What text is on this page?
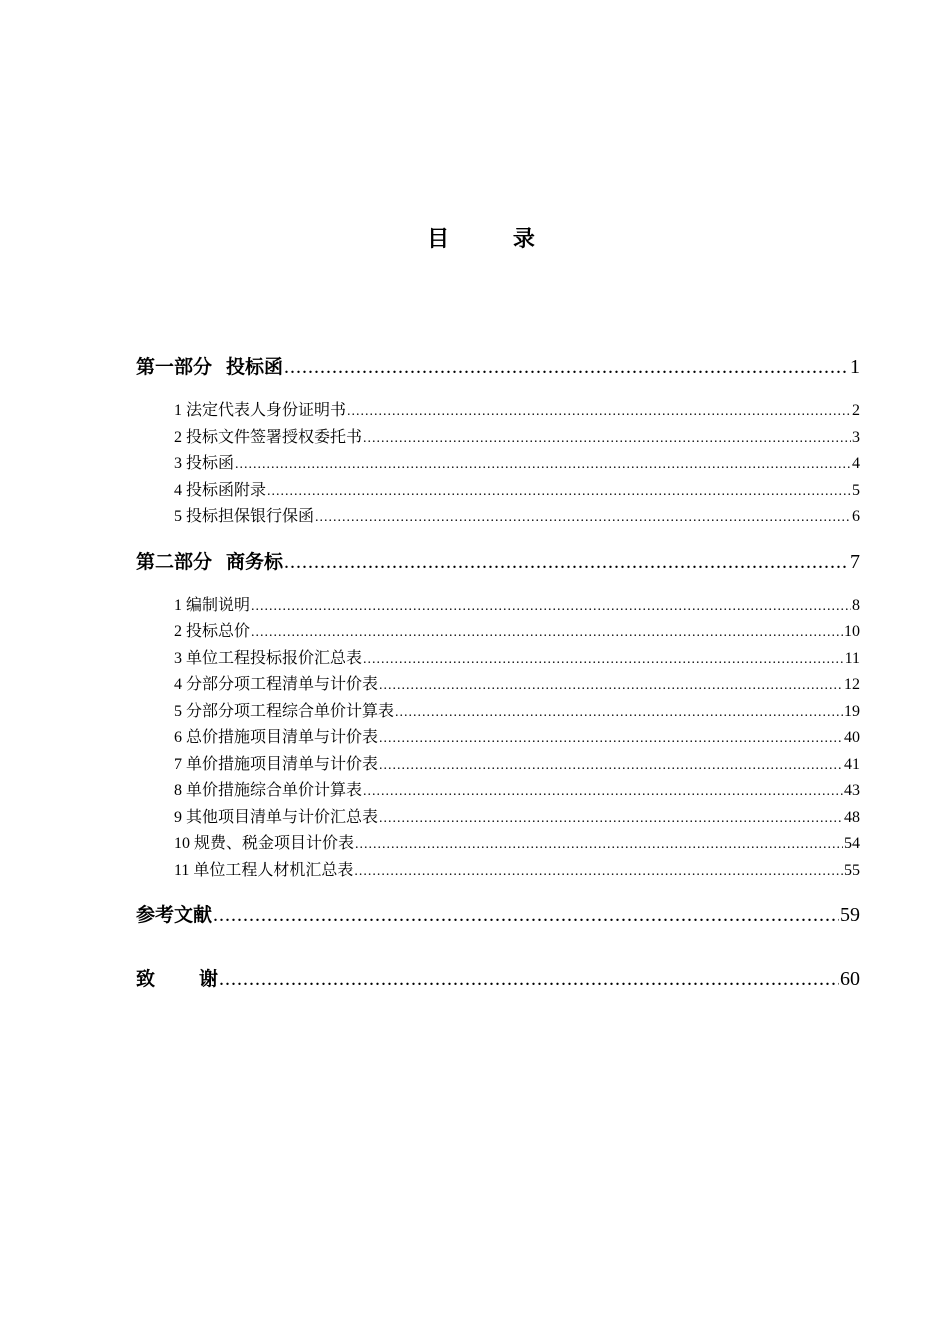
目 录
第一部分 投标函 .....	1
1 法定代表人身份证明书 .....	2
2 投标文件签署授权委托书 .....	3
3 投标函 .....	4
4 投标函附录 .....	5
5 投标担保银行保函 .....	6
第二部分 商务标 .....	7
1 编制说明 .....	8
2 投标总价 .....	10
3 单位工程投标报价汇总表 .....	11
4 分部分项工程清单与计价表 .....	12
5 分部分项工程综合单价计算表 .....	19
6 总价措施项目清单与计价表 .....	40
7 单价措施项目清单与计价表 .....	41
8 单价措施综合单价计算表 .....	43
9 其他项目清单与计价汇总表 .....	48
10 规费、税金项目计价表 .....	54
11 单位工程人材机汇总表 .....	55
参考文献 .....	59
致 谢 .....	60
